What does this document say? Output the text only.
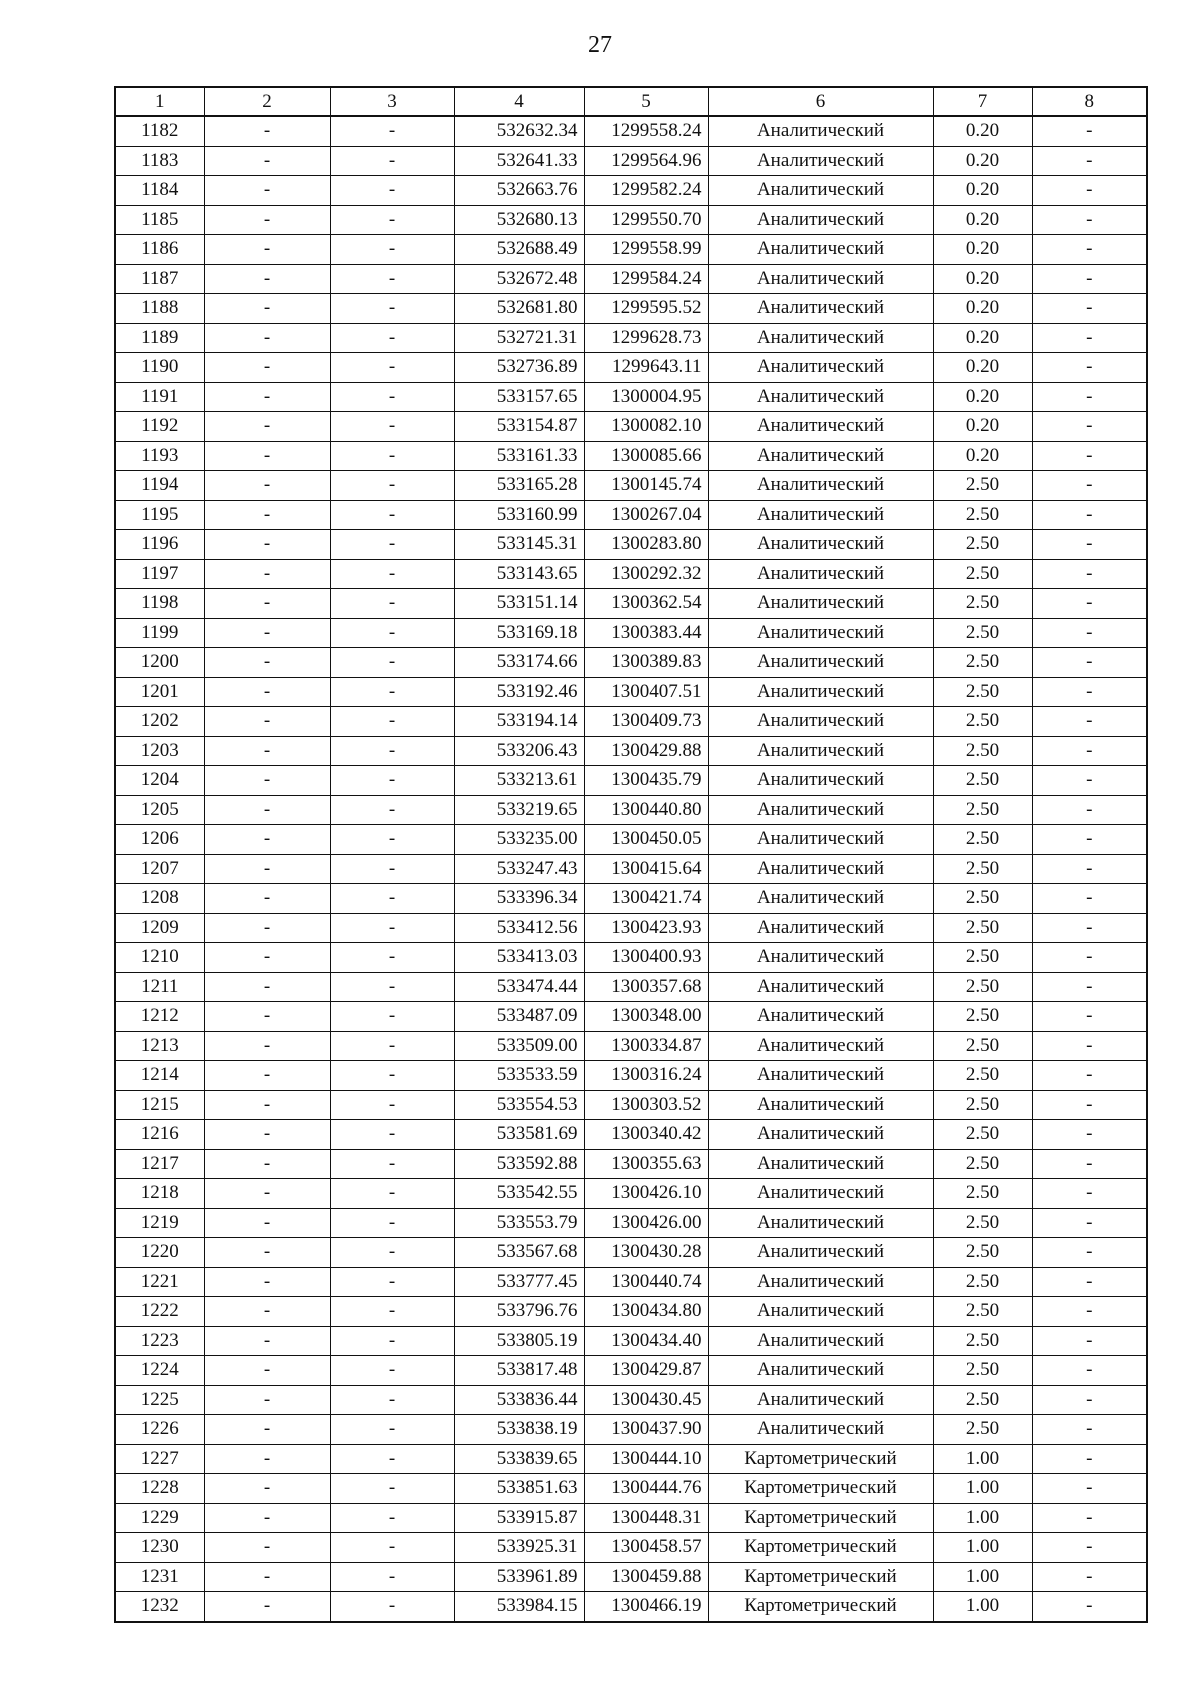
27
1	2	3	4	5	6	7	8
1182	-	-	532632.34	1299558.24	Аналитический	0.20	-
1183	-	-	532641.33	1299564.96	Аналитический	0.20	-
1184	-	-	532663.76	1299582.24	Аналитический	0.20	-
1185	-	-	532680.13	1299550.70	Аналитический	0.20	-
1186	-	-	532688.49	1299558.99	Аналитический	0.20	-
1187	-	-	532672.48	1299584.24	Аналитический	0.20	-
1188	-	-	532681.80	1299595.52	Аналитический	0.20	-
1189	-	-	532721.31	1299628.73	Аналитический	0.20	-
1190	-	-	532736.89	1299643.11	Аналитический	0.20	-
1191	-	-	533157.65	1300004.95	Аналитический	0.20	-
1192	-	-	533154.87	1300082.10	Аналитический	0.20	-
1193	-	-	533161.33	1300085.66	Аналитический	0.20	-
1194	-	-	533165.28	1300145.74	Аналитический	2.50	-
1195	-	-	533160.99	1300267.04	Аналитический	2.50	-
1196	-	-	533145.31	1300283.80	Аналитический	2.50	-
1197	-	-	533143.65	1300292.32	Аналитический	2.50	-
1198	-	-	533151.14	1300362.54	Аналитический	2.50	-
1199	-	-	533169.18	1300383.44	Аналитический	2.50	-
1200	-	-	533174.66	1300389.83	Аналитический	2.50	-
1201	-	-	533192.46	1300407.51	Аналитический	2.50	-
1202	-	-	533194.14	1300409.73	Аналитический	2.50	-
1203	-	-	533206.43	1300429.88	Аналитический	2.50	-
1204	-	-	533213.61	1300435.79	Аналитический	2.50	-
1205	-	-	533219.65	1300440.80	Аналитический	2.50	-
1206	-	-	533235.00	1300450.05	Аналитический	2.50	-
1207	-	-	533247.43	1300415.64	Аналитический	2.50	-
1208	-	-	533396.34	1300421.74	Аналитический	2.50	-
1209	-	-	533412.56	1300423.93	Аналитический	2.50	-
1210	-	-	533413.03	1300400.93	Аналитический	2.50	-
1211	-	-	533474.44	1300357.68	Аналитический	2.50	-
1212	-	-	533487.09	1300348.00	Аналитический	2.50	-
1213	-	-	533509.00	1300334.87	Аналитический	2.50	-
1214	-	-	533533.59	1300316.24	Аналитический	2.50	-
1215	-	-	533554.53	1300303.52	Аналитический	2.50	-
1216	-	-	533581.69	1300340.42	Аналитический	2.50	-
1217	-	-	533592.88	1300355.63	Аналитический	2.50	-
1218	-	-	533542.55	1300426.10	Аналитический	2.50	-
1219	-	-	533553.79	1300426.00	Аналитический	2.50	-
1220	-	-	533567.68	1300430.28	Аналитический	2.50	-
1221	-	-	533777.45	1300440.74	Аналитический	2.50	-
1222	-	-	533796.76	1300434.80	Аналитический	2.50	-
1223	-	-	533805.19	1300434.40	Аналитический	2.50	-
1224	-	-	533817.48	1300429.87	Аналитический	2.50	-
1225	-	-	533836.44	1300430.45	Аналитический	2.50	-
1226	-	-	533838.19	1300437.90	Аналитический	2.50	-
1227	-	-	533839.65	1300444.10	Картометрический	1.00	-
1228	-	-	533851.63	1300444.76	Картометрический	1.00	-
1229	-	-	533915.87	1300448.31	Картометрический	1.00	-
1230	-	-	533925.31	1300458.57	Картометрический	1.00	-
1231	-	-	533961.89	1300459.88	Картометрический	1.00	-
1232	-	-	533984.15	1300466.19	Картометрический	1.00	-
